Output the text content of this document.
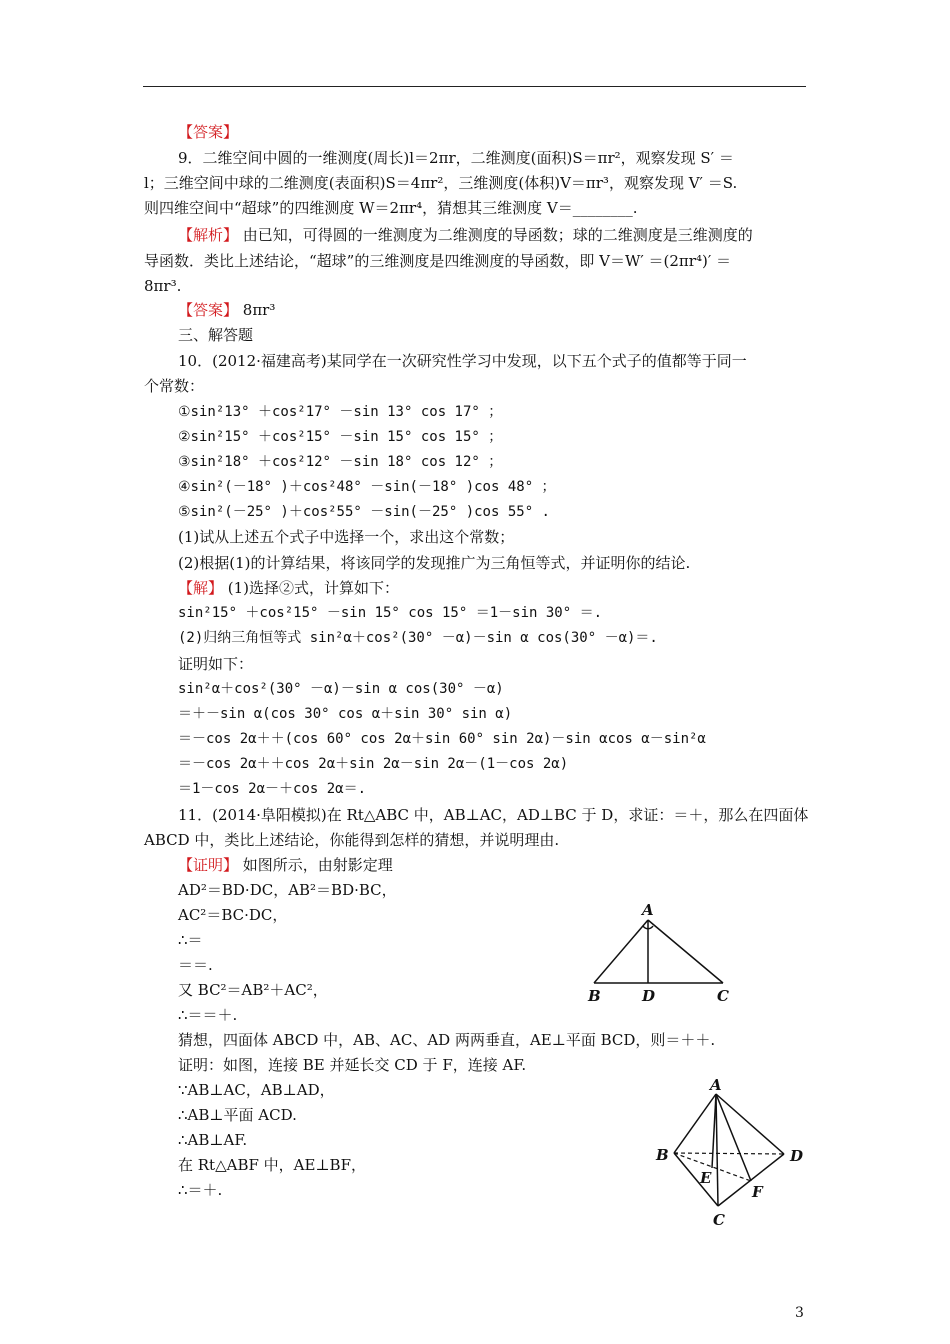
【答案】
9．二维空间中圆的一维测度(周长)l＝2πr，二维测度(面积)S＝πr²，观察发现 S′ ＝
l；三维空间中球的二维测度(表面积)S＝4πr²，三维测度(体积)V＝πr³，观察发现 V′ ＝S.
则四维空间中“超球”的四维测度 W＝2πr⁴，猜想其三维测度 V＝________.
【解析】 由已知，可得圆的一维测度为二维测度的导函数；球的二维测度是三维测度的
导函数．类比上述结论，“超球”的三维测度是四维测度的导函数，即 V＝W′ ＝(2πr⁴)′ ＝
8πr³.
【答案】 8πr³
三、解答题
10．(2012·福建高考)某同学在一次研究性学习中发现，以下五个式子的值都等于同一
个常数：
①sin²13° ＋cos²17° －sin 13° cos 17° ；
②sin²15° ＋cos²15° －sin 15° cos 15° ；
③sin²18° ＋cos²12° －sin 18° cos 12° ；
④sin²(－18° )＋cos²48° －sin(－18° )cos 48° ；
⑤sin²(－25° )＋cos²55° －sin(－25° )cos 55° .
(1)试从上述五个式子中选择一个，求出这个常数；
(2)根据(1)的计算结果，将该同学的发现推广为三角恒等式，并证明你的结论.
【解】 (1)选择②式，计算如下：
sin²15° ＋cos²15° －sin 15° cos 15° ＝1－sin 30° ＝.
(2)归纳三角恒等式 sin²α＋cos²(30° －α)－sin α cos(30° －α)＝.
证明如下：
sin²α＋cos²(30° －α)－sin α cos(30° －α)
＝＋－sin α(cos 30° cos α＋sin 30° sin α)
＝－cos 2α＋＋(cos 60° cos 2α＋sin 60° sin 2α)－sin αcos α－sin²α
＝－cos 2α＋＋cos 2α＋sin 2α－sin 2α－(1－cos 2α)
＝1－cos 2α－＋cos 2α＝.
11．(2014·阜阳模拟)在 Rt△ABC 中，AB⊥AC，AD⊥BC 于 D，求证：＝＋，那么在四面体
ABCD 中，类比上述结论，你能得到怎样的猜想，并说明理由.
【证明】 如图所示，由射影定理
AD²＝BD·DC，AB²＝BD·BC，
AC²＝BC·DC，
∴＝
＝＝.
又 BC²＝AB²＋AC²，
∴＝＝＋.
猜想，四面体 ABCD 中，AB、AC、AD 两两垂直，AE⊥平面 BCD，则＝＋＋.
证明：如图，连接 BE 并延长交 CD 于 F，连接 AF.
∵AB⊥AC，AB⊥AD，
∴AB⊥平面 ACD.
∴AB⊥AF.
在 Rt△ABF 中，AE⊥BF，
∴＝＋.
A
B	D	C
A
B	D
E
F
C
3
